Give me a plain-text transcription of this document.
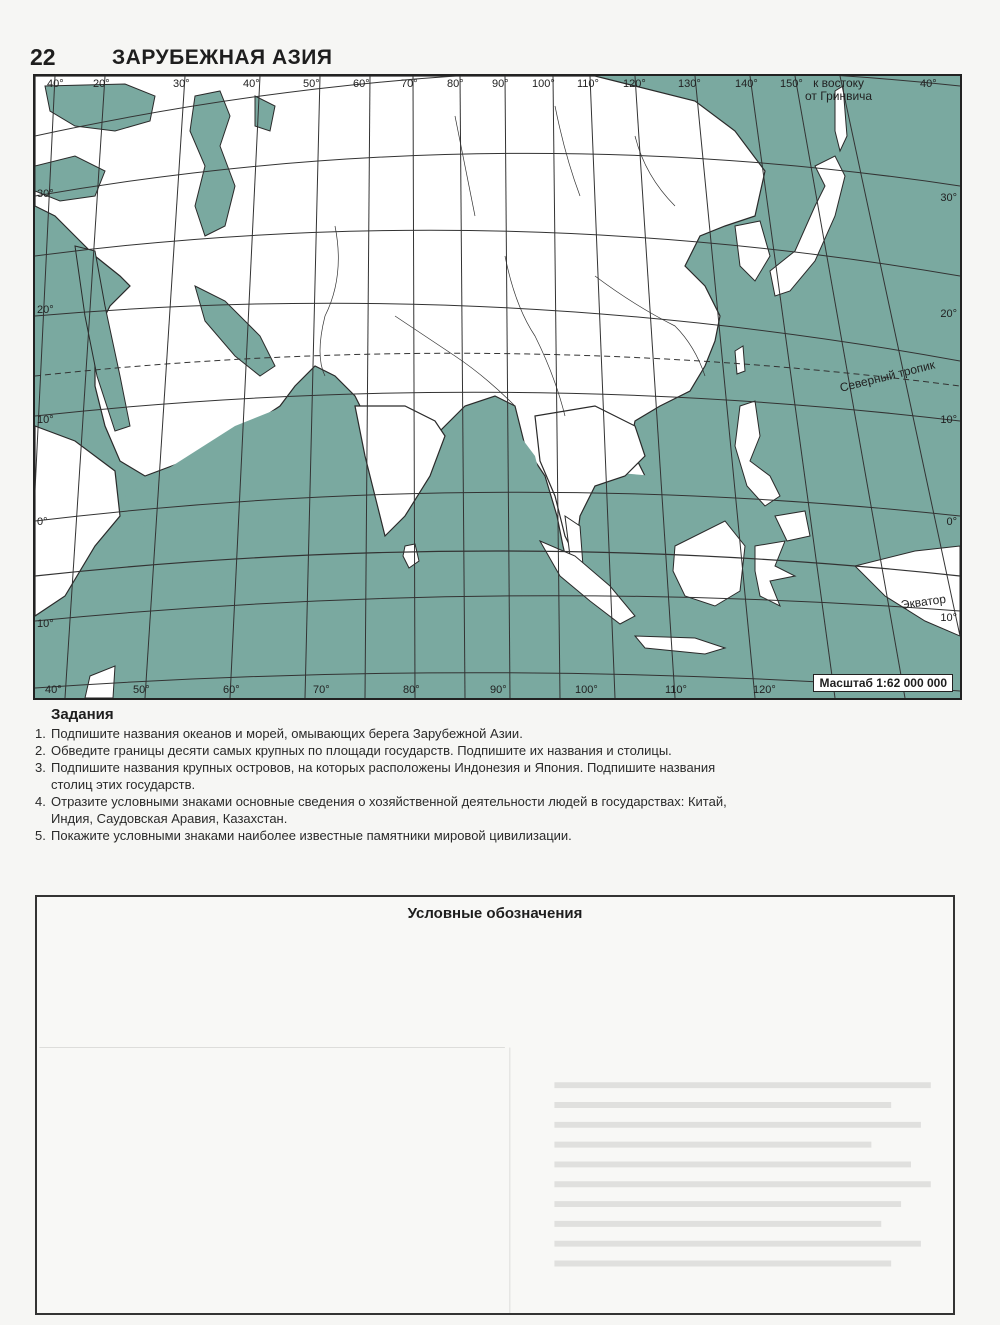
22	ЗАРУБЕЖНАЯ АЗИЯ
40°	20°	30°	40°	50°	60°	70°	80°	90° 100° 110° 120°	130°	140° 150°	40°
к востоку
от Гринвича
30°
20°
10°
0°
10°
30°
20°
10°
0°
10°
40°	50°	60°	70°	80°	90°	100°	110°	120°
Северный тропик
Экватор
Масштаб 1:62 000 000
Задания
1. Подпишите названия океанов и морей, омывающих берега Зарубежной Азии.
2. Обведите границы десяти самых крупных по площади государств. Подпишите их названия и столицы.
3. Подпишите названия крупных островов, на которых расположены Индонезия и Япония. Подпишите названия столиц этих государств.
4. Отразите условными знаками основные сведения о хозяйственной деятельности людей в государствах: Китай, Индия, Саудовская Аравия, Казахстан.
5. Покажите условными знаками наиболее известные памятники мировой цивилизации.
Условные обозначения
